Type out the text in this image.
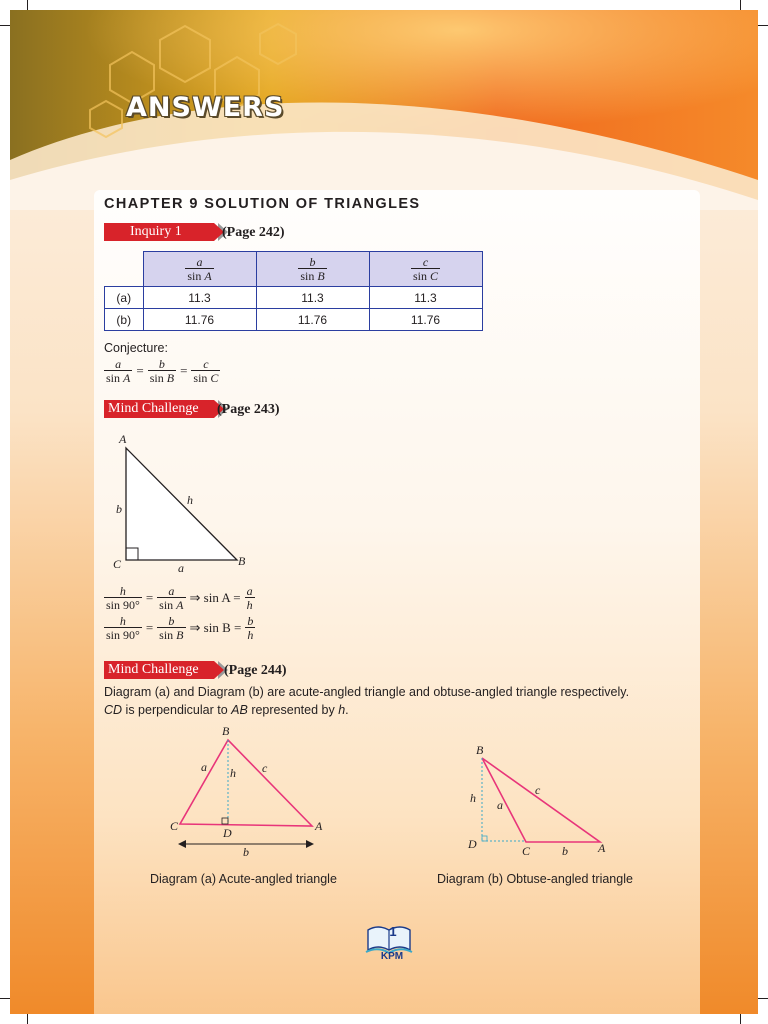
ANSWERS
CHAPTER 9 SOLUTION OF TRIANGLES
Inquiry 1	(Page 242)

	$\frac{a}{\text{sin A}}$	$\frac{b}{\text{sin B}}$	$\frac{c}{\text{sin C}}$

(a)	11.3	11.3	11.3
(b)	11.76	11.76	11.76
Conjecture:
$\frac{a}{\text{sin A}} = \frac{b}{\text{sin B}} = \frac{c}{\text{sin C}}$
Mind Challenge	(Page 243)
A
B
C	a
b
h
$\frac{h}{\sin 90^\circ} = \frac{a}{\text{sin A}}$ ⇒ $\sin A = \frac{a}{h}$
$\frac{h}{\sin 90^\circ} = \frac{b}{\text{sin B}}$ ⇒ $\sin B = \frac{b}{h}$
Mind Challenge	(Page 244)
Diagram (a) and Diagram (b) are acute-angled triangle and obtuse-angled triangle respectively.
CD is perpendicular to AB represented by h.
B
C	D	A
a	c
h
b
Diagram (a) Acute-angled triangle
B
D	C	A
h a
c
b
Diagram (b) Obtuse-angled triangle
1
KPM
